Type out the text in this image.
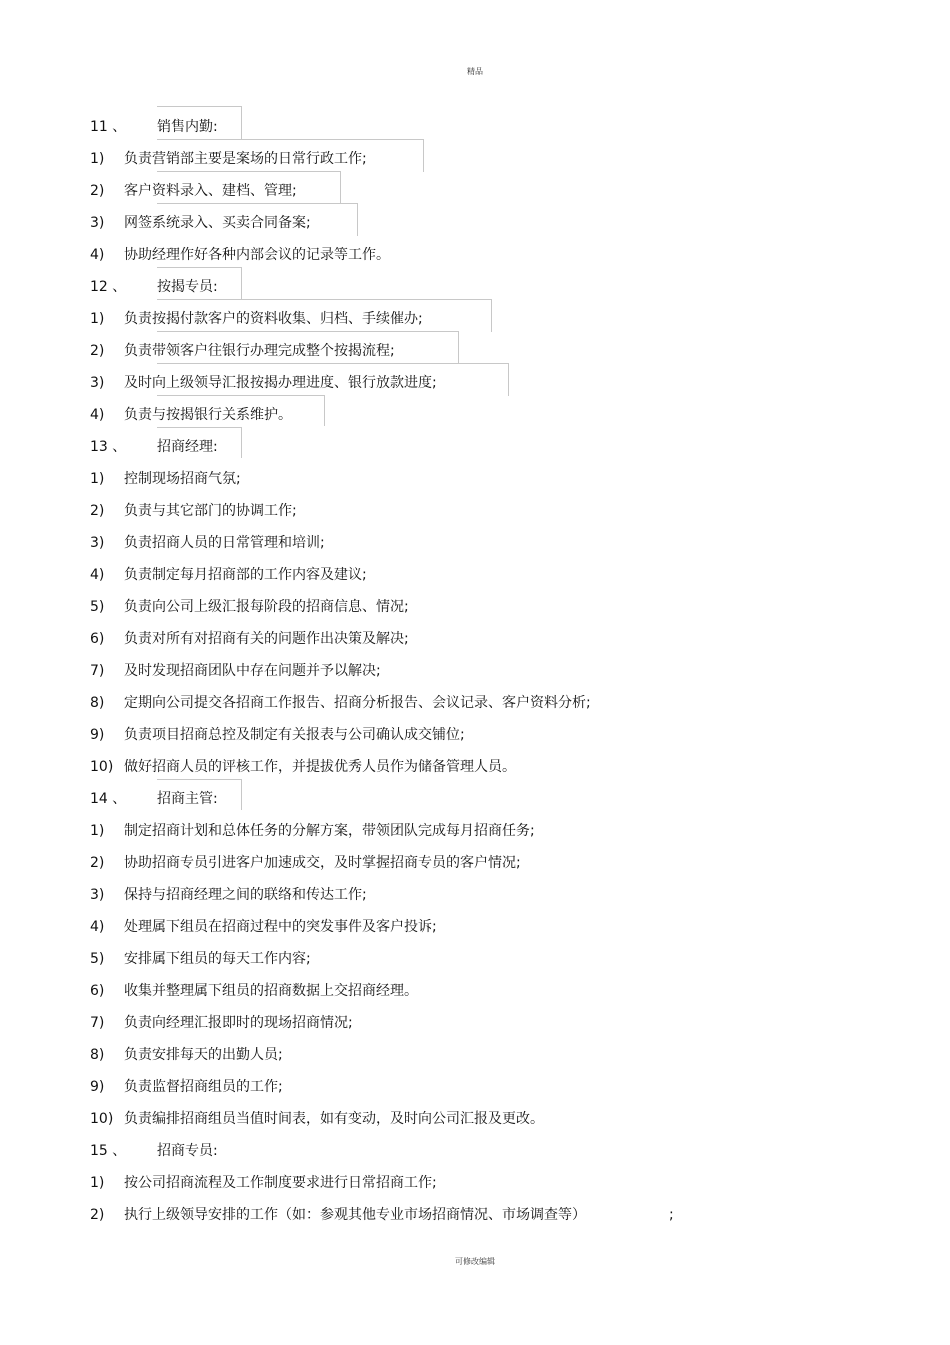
精品
11 、 销售内勤:
1) 负责营销部主要是案场的日常行政工作;
2) 客户资料录入、建档、管理;
3) 网签系统录入、买卖合同备案;
4) 协助经理作好各种内部会议的记录等工作。
12 、 按揭专员:
1) 负责按揭付款客户的资料收集、归档、手续催办;
2) 负责带领客户往银行办理完成整个按揭流程;
3) 及时向上级领导汇报按揭办理进度、银行放款进度;
4) 负责与按揭银行关系维护。
13 、 招商经理:
1) 控制现场招商气氛;
2) 负责与其它部门的协调工作;
3) 负责招商人员的日常管理和培训;
4) 负责制定每月招商部的工作内容及建议;
5) 负责向公司上级汇报每阶段的招商信息、情况;
6) 负责对所有对招商有关的问题作出决策及解决;
7) 及时发现招商团队中存在问题并予以解决;
8) 定期向公司提交各招商工作报告、招商分析报告、会议记录、客户资料分析;
9) 负责项目招商总控及制定有关报表与公司确认成交铺位;
10) 做好招商人员的评核工作，并提拔优秀人员作为储备管理人员。
14 、 招商主管:
1) 制定招商计划和总体任务的分解方案，带领团队完成每月招商任务;
2) 协助招商专员引进客户加速成交，及时掌握招商专员的客户情况;
3) 保持与招商经理之间的联络和传达工作;
4) 处理属下组员在招商过程中的突发事件及客户投诉;
5) 安排属下组员的每天工作内容;
6) 收集并整理属下组员的招商数据上交招商经理。
7) 负责向经理汇报即时的现场招商情况;
8) 负责安排每天的出勤人员;
9) 负责监督招商组员的工作;
10) 负责编排招商组员当值时间表，如有变动，及时向公司汇报及更改。
15 、 招商专员:
1) 按公司招商流程及工作制度要求进行日常招商工作;
2) 执行上级领导安排的工作（如：参观其他专业市场招商情况、市场调查等）	;
可修改编辑
